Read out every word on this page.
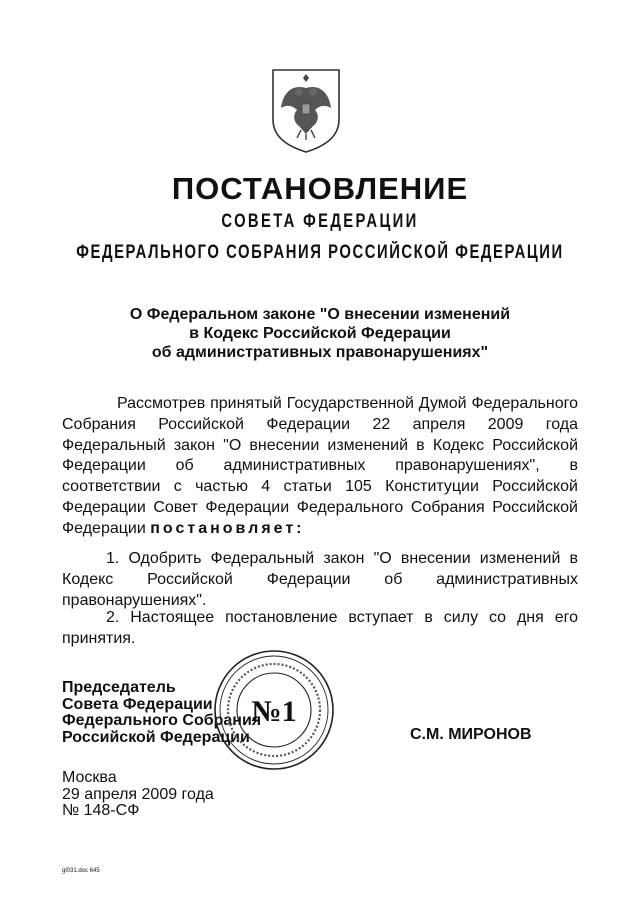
ПОСТАНОВЛЕНИЕ
СОВЕТА ФЕДЕРАЦИИ
ФЕДЕРАЛЬНОГО СОБРАНИЯ РОССИЙСКОЙ ФЕДЕРАЦИИ
О Федеральном законе "О внесении изменений
в Кодекс Российской Федерации
об административных правонарушениях"
Рассмотрев принятый Государственной Думой Федерального Собрания Российской Федерации 22 апреля 2009 года Федеральный закон "О внесении изменений в Кодекс Российской Федерации об административных правонарушениях", в соответствии с частью 4 статьи 105 Конституции Российской Федерации Совет Федерации Федерального Собрания Российской Федерации постановляет:
1. Одобрить Федеральный закон "О внесении изменений в Кодекс Российской Федерации об административных правонарушениях".
2. Настоящее постановление вступает в силу со дня его принятия.
Председатель
Совета Федерации
Федерального Собрания
Российской Федерации
№1
С.М. МИРОНОВ
Москва
29 апреля 2009 года
№ 148-СФ
gl031.doc 645
